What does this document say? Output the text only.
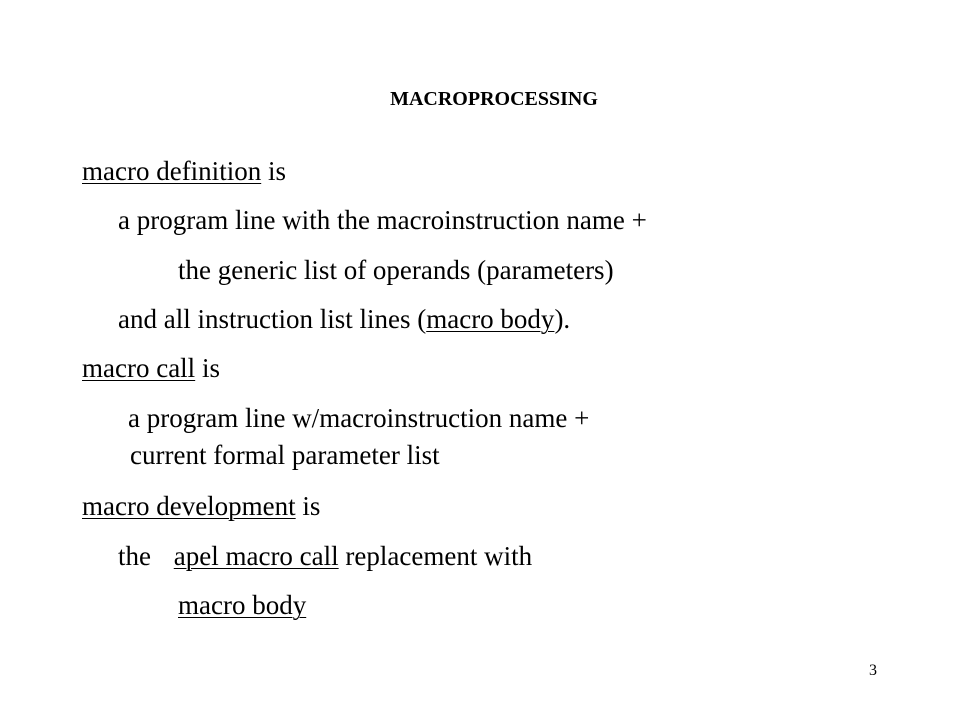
MACROPROCESSING
macro definition is
a program line with the macroinstruction name +
the generic list of operands (parameters)
and all instruction list lines (macro body).
macro call is
a program line w/macroinstruction name +
current formal parameter list
macro development is
the apel macro call replacement with
macro body
3
